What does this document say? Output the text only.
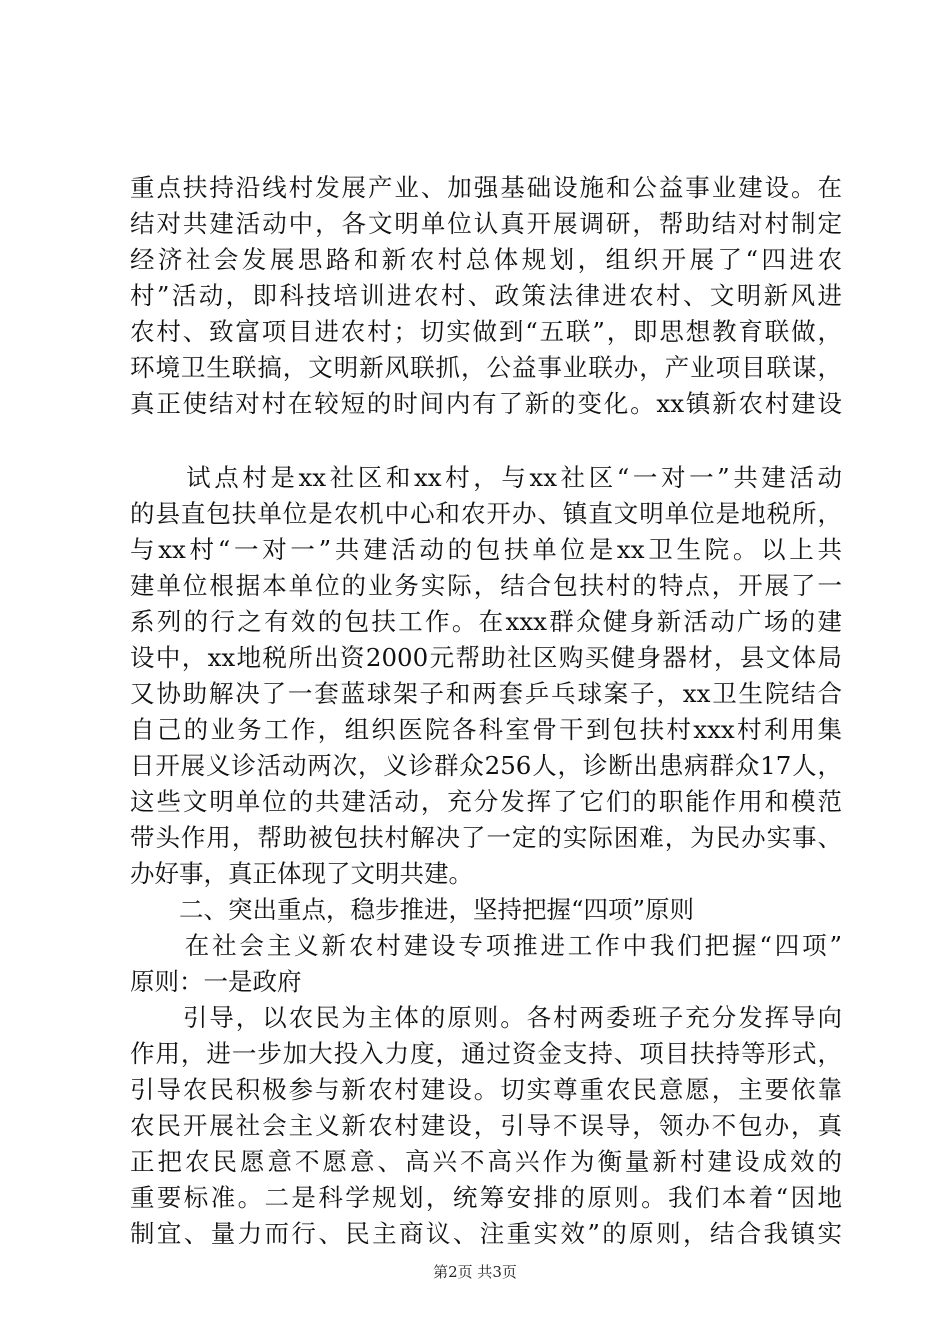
重点扶持沿线村发展产业、加强基础设施和公益事业建设。在
结对共建活动中，各文明单位认真开展调研，帮助结对村制定
经济社会发展思路和新农村总体规划，组织开展了“四进农
村”活动，即科技培训进农村、政策法律进农村、文明新风进
农村、致富项目进农村；切实做到“五联”，即思想教育联做，
环境卫生联搞，文明新风联抓，公益事业联办，产业项目联谋，
真正使结对村在较短的时间内有了新的变化。xx镇新农村建设
　　试点村是xx社区和xx村，与xx社区“一对一”共建活动
的县直包扶单位是农机中心和农开办、镇直文明单位是地税所，
与xx村“一对一”共建活动的包扶单位是xx卫生院。以上共
建单位根据本单位的业务实际，结合包扶村的特点，开展了一
系列的行之有效的包扶工作。在xxx群众健身新活动广场的建
设中，xx地税所出资2000元帮助社区购买健身器材，县文体局
又协助解决了一套蓝球架子和两套乒乓球案子，xx卫生院结合
自己的业务工作，组织医院各科室骨干到包扶村xxx村利用集
日开展义诊活动两次，义诊群众256人，诊断出患病群众17人，
这些文明单位的共建活动，充分发挥了它们的职能作用和模范
带头作用，帮助被包扶村解决了一定的实际困难，为民办实事、
办好事，真正体现了文明共建。
　　二、突出重点，稳步推进，坚持把握“四项”原则
　　在社会主义新农村建设专项推进工作中我们把握“四项”
原则：一是政府
　　引导，以农民为主体的原则。各村两委班子充分发挥导向
作用，进一步加大投入力度，通过资金支持、项目扶持等形式，
引导农民积极参与新农村建设。切实尊重农民意愿，主要依靠
农民开展社会主义新农村建设，引导不误导，领办不包办，真
正把农民愿意不愿意、高兴不高兴作为衡量新村建设成效的
重要标准。二是科学规划，统筹安排的原则。我们本着“因地
制宜、量力而行、民主商议、注重实效”的原则，结合我镇实
第2页 共3页
